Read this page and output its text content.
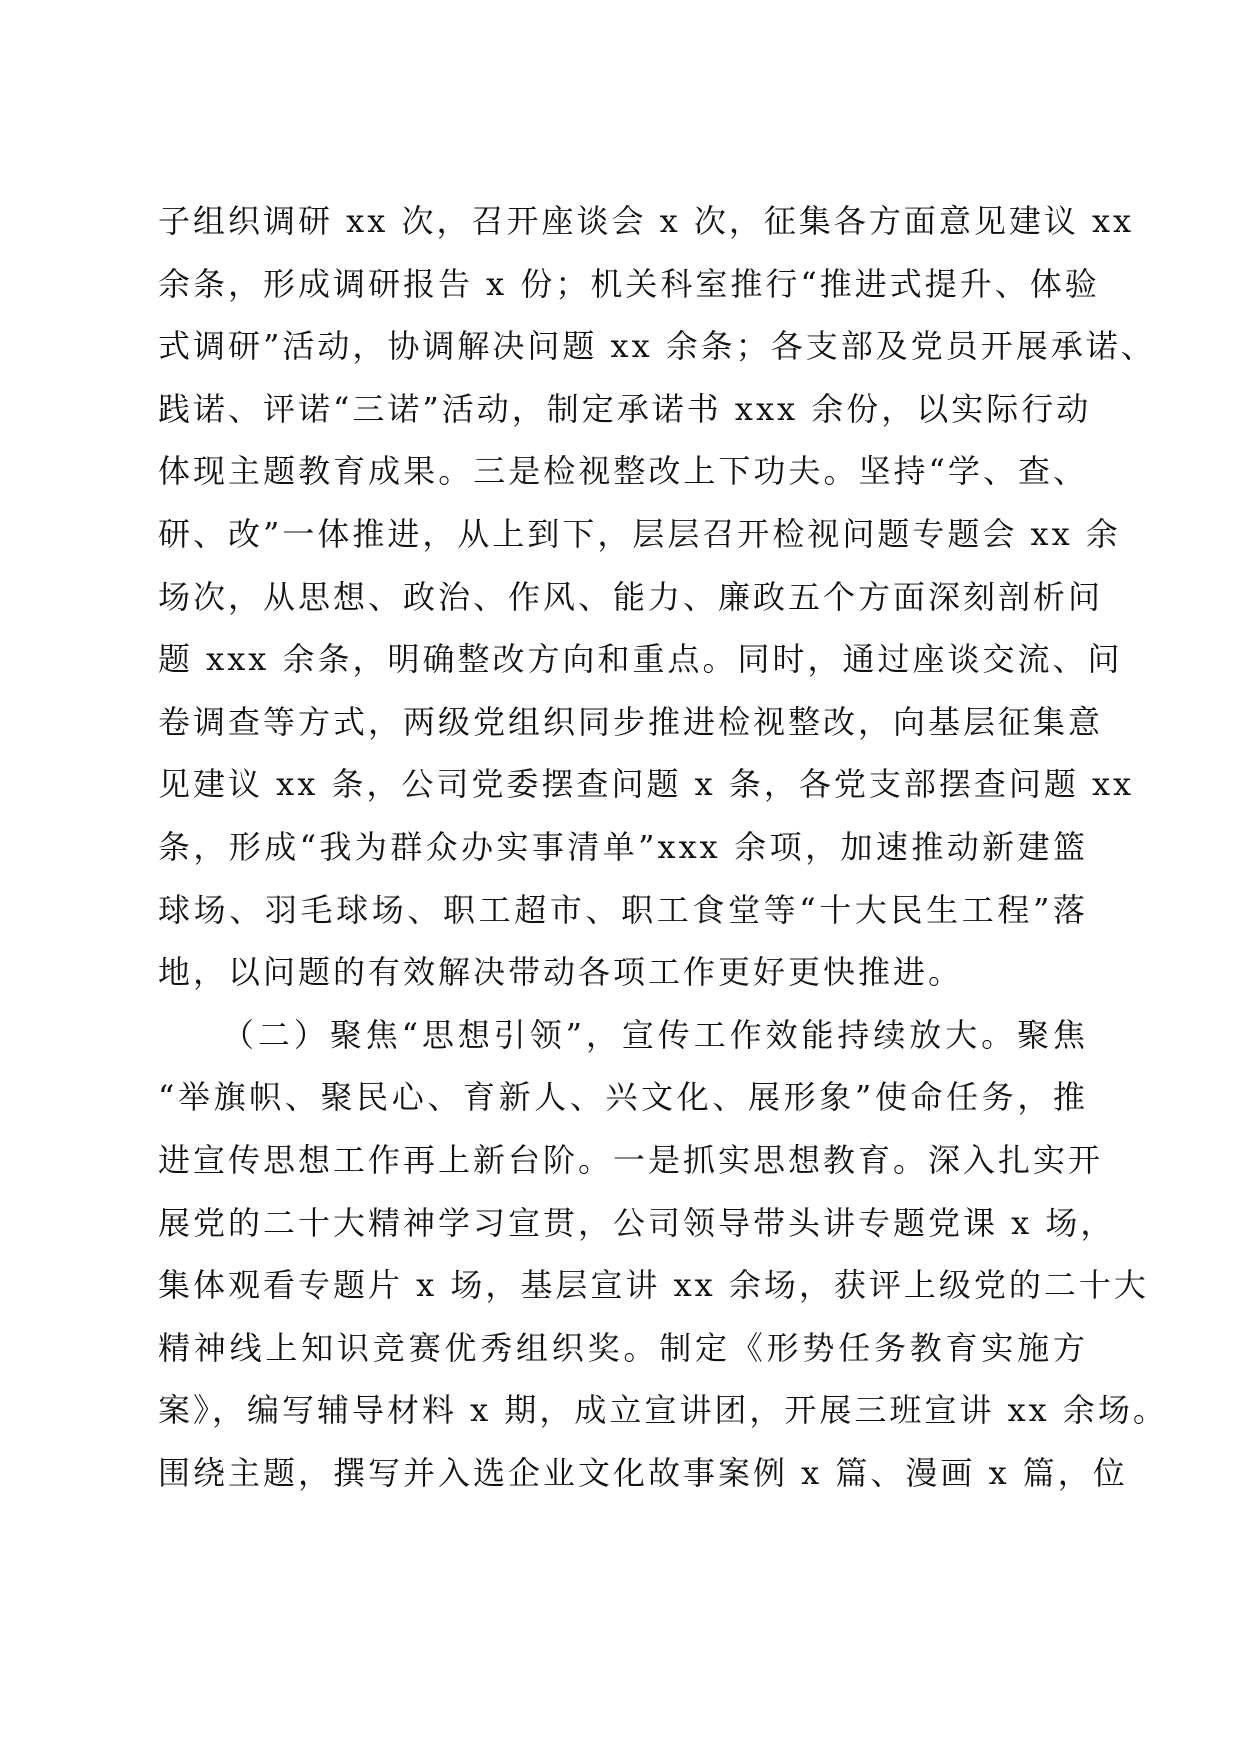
子组织调研 xx 次，召开座谈会 x 次，征集各方面意见建议 xx
余条，形成调研报告 x 份；机关科室推行“推进式提升、体验
式调研”活动，协调解决问题 xx 余条；各支部及党员开展承诺、
践诺、评诺“三诺”活动，制定承诺书 xxx 余份，以实际行动
体现主题教育成果。三是检视整改上下功夫。坚持“学、查、
研、改”一体推进，从上到下，层层召开检视问题专题会 xx 余
场次，从思想、政治、作风、能力、廉政五个方面深刻剖析问
题 xxx 余条，明确整改方向和重点。同时，通过座谈交流、问
卷调查等方式，两级党组织同步推进检视整改，向基层征集意
见建议 xx 条，公司党委摆查问题 x 条，各党支部摆查问题 xx
条，形成“我为群众办实事清单”xxx 余项，加速推动新建篮
球场、羽毛球场、职工超市、职工食堂等“十大民生工程”落
地，以问题的有效解决带动各项工作更好更快推进。
（二）聚焦“思想引领”，宣传工作效能持续放大。聚焦
“举旗帜、聚民心、育新人、兴文化、展形象”使命任务，推
进宣传思想工作再上新台阶。一是抓实思想教育。深入扎实开
展党的二十大精神学习宣贯，公司领导带头讲专题党课 x 场，
集体观看专题片 x 场，基层宣讲 xx 余场，获评上级党的二十大
精神线上知识竞赛优秀组织奖。制定《形势任务教育实施方
案》，编写辅导材料 x 期，成立宣讲团，开展三班宣讲 xx 余场。
围绕主题，撰写并入选企业文化故事案例 x 篇、漫画 x 篇，位
